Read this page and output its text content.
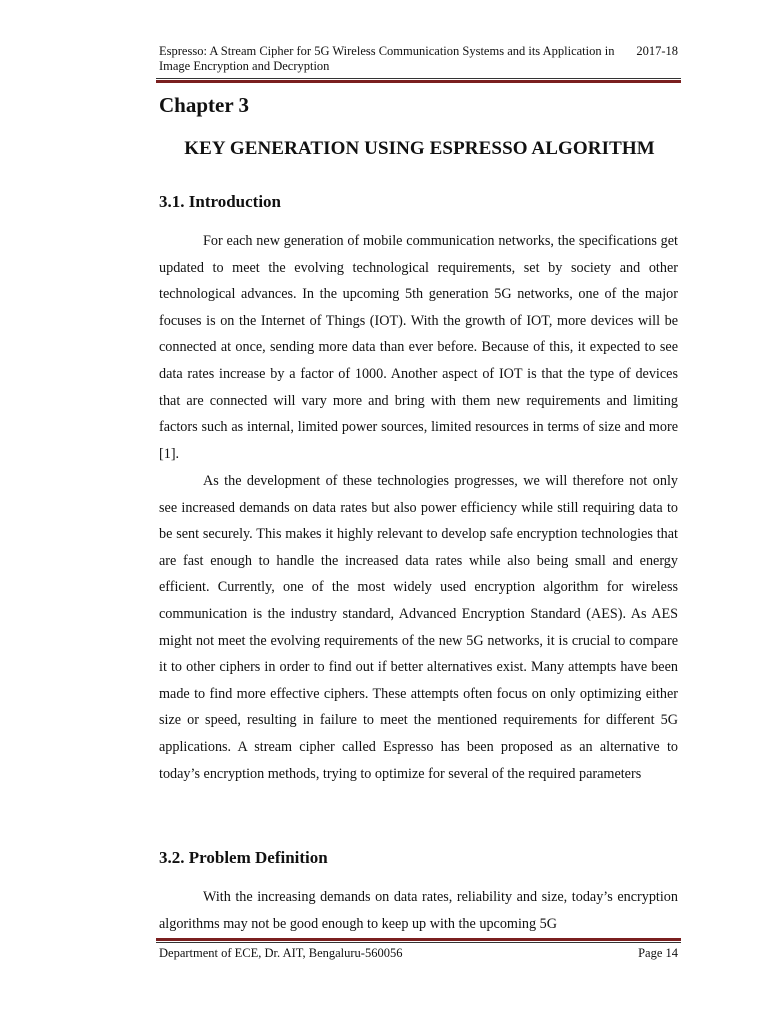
Espresso: A Stream Cipher for 5G Wireless Communication Systems and its Application in Image Encryption and Decryption
2017-18
Chapter 3
KEY GENERATION USING ESPRESSO ALGORITHM
3.1. Introduction

For each new generation of mobile communication networks, the specifications get updated to meet the evolving technological requirements, set by society and other technological advances. In the upcoming 5th generation 5G networks, one of the major focuses is on the Internet of Things (IOT). With the growth of IOT, more devices will be connected at once, sending more data than ever before. Because of this, it expected to see data rates increase by a factor of 1000. Another aspect of IOT is that the type of devices that are connected will vary more and bring with them new requirements and limiting factors such as internal, limited power sources, limited resources in terms of size and more [1].

As the development of these technologies progresses, we will therefore not only see increased demands on data rates but also power efficiency while still requiring data to be sent securely. This makes it highly relevant to develop safe encryption technologies that are fast enough to handle the increased data rates while also being small and energy efficient. Currently, one of the most widely used encryption algorithm for wireless communication is the industry standard, Advanced Encryption Standard (AES). As AES might not meet the evolving requirements of the new 5G networks, it is crucial to compare it to other ciphers in order to find out if better alternatives exist. Many attempts have been made to find more effective ciphers. These attempts often focus on only optimizing either size or speed, resulting in failure to meet the mentioned requirements for different 5G applications. A stream cipher called Espresso has been proposed as an alternative to today’s encryption methods, trying to optimize for several of the required parameters

3.2. Problem Definition

With the increasing demands on data rates, reliability and size, today’s encryption algorithms may not be good enough to keep up with the upcoming 5G

Department of ECE, Dr. AIT, Bengaluru-560056	Page 14
